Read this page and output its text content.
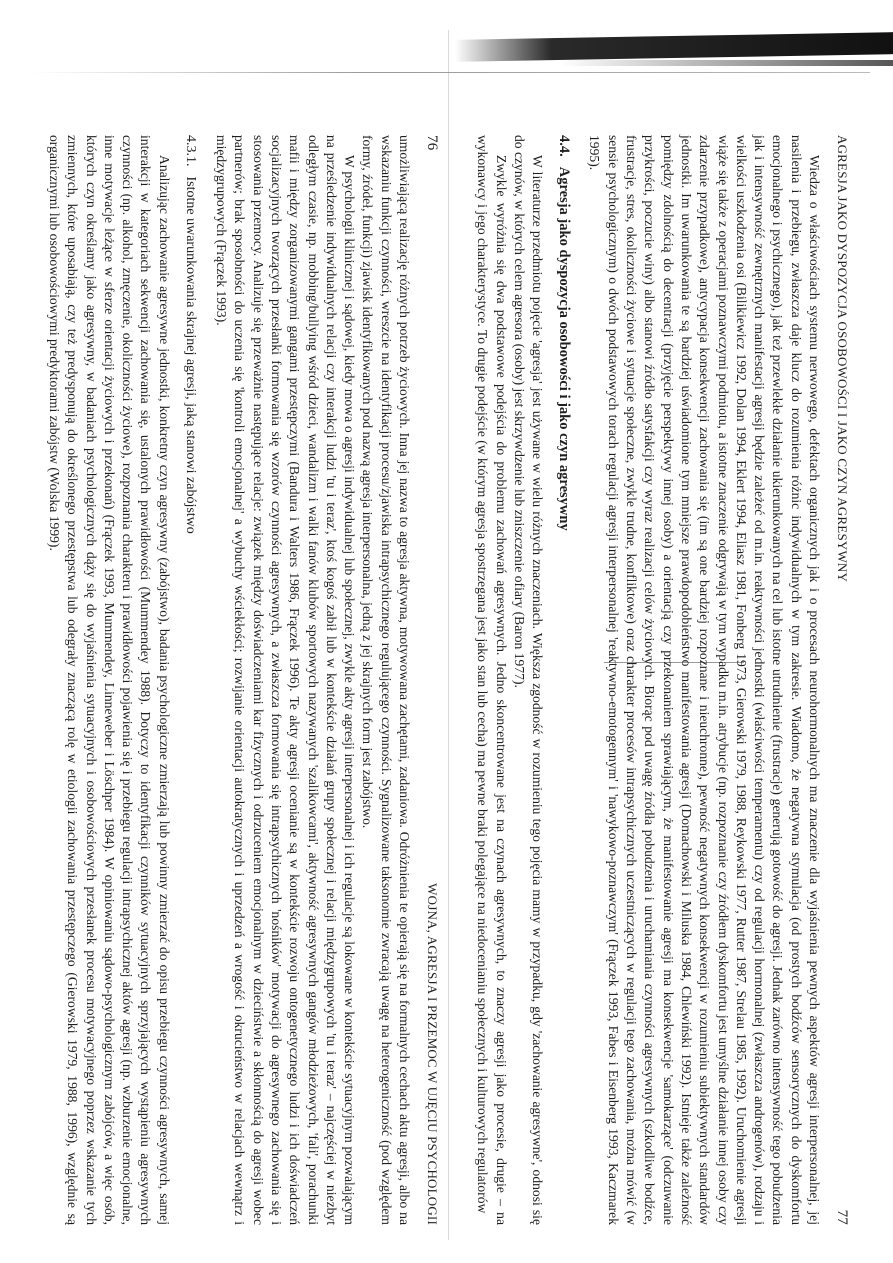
76
WOJNA, AGRESJA I PRZEMOC W UJĘCIU PSYCHOLOGII

umożliwiającą realizację różnych potrzeb życiowych. Inna jej nazwa to agresja aktywna, motywowana zachętami, zadaniowa. Odróżnienia te opierają się na formalnych cechach aktu agresji, albo na wskazaniu funkcji czynności, wreszcie na identyfikacji procesu/zjawiska intrapsychicznego regulującego czynności. Sygnalizowane taksonomie zwracają uwagę na heterogeniczność (pod względem formy, źródeł, funkcji) zjawisk identyfikowanych pod nazwą agresja interpersonalna, jedną z jej skrajnych form jest zabójstwo.

W psychologii klinicznej i sądowej, kiedy mowa o agresji indywidualnej lub społecznej, zwykle akty agresji interpersonalnej i ich regulacje są lokowane w kontekście sytuacyjnym pozwalającym na prześledzenie indywidualnych relacji czy interakcji ludzi 'tu i teraz', ktoś kogoś zabił lub w kontekście działań grupy społecznej i relacji międzygrupowych 'tu i teraz' – najczęściej w niezbyt odległym czasie, np. mobbing/bullying wśród dzieci, wandalizm i walki fanów klubów sportowych nazywanych 'szalikowcami', aktywność agresywnych gangów młodzieżowych, 'fali', porachunki mafii i między zorganizowanymi gangami przestępczymi (Bandura i Walters 1986, Frączek 1996). Te akty agresji ocenianie są w kontekście rozwoju ontogenetycznego ludzi i ich doświadczeń socjalizacyjnych tworzących przesłanki formowania się wzorów czynności agresywnych, a zwłaszcza formowania się intrapsychicznych 'nośników' motywacji do agresywnego zachowania się i stosowania przemocy. Analizuje się przeważnie następujące relacje: związek między doświadczeniami kar fizycznych i odrzuceniem emocjonalnym w dzieciństwie a skłonnością do agresji wobec partnerów; brak sposobności do uczenia się 'kontroli emocjonalnej' a wybuchy wściekłości; rozwijanie orientacji autokratycznych i uprzedzeń a wrogość i okrucieństwo w relacjach wewnątrz i międzygrupowych (Frączek 1993).

4.3.1.Istotne uwarunkowania skrajnej agresji, jaką stanowi zabójstwo

Analizując zachowanie agresywne jednostki, konkretny czyn agresywny (zabójstwo), badania psychologiczne zmierzają lub powinny zmierzać do opisu przebiegu czynności agresywnych, samej interakcji w kategoriach sekwencji zachowania się, ustalonych prawidłowości (Mummendey 1988). Dotyczy to identyfikacji czynników sytuacyjnych sprzyjających wystąpieniu agresywnych czynności (np. alkohol, zmęczenie, okoliczności życiowe), rozpoznania charakteru i prawidłowości pojawienia się i przebiegu regulacji intrapsychicznej aktów agresji (np. wzburzenie emocjonalne, inne motywacje leżące w sferze orientacji życiowych i przekonań) (Frączek 1993, Mummendey, Linneweber i Löschper 1984). W opiniowaniu sądowo-psychologicznym zabójców, a więc osób, których czyn określamy jako agresywny, w badaniach psychologicznych dąży się do wyjaśnienia sytuacyjnych i osobowościowych przesłanek procesu motywacyjnego poprzez wskazanie tych zmiennych, które uposabiają, czy też predysponują do określonego przestępstwa lub odegrały znaczącą rolę w etiologii zachowania przestępczego (Gierowski 1979, 1988, 1996), względnie są organicznymi lub osobowościowymi predyktorami zabójstw (Wolska 1999).

77
AGRESJA JAKO DYSPOZYCJA OSOBOWOŚCI I JAKO CZYN AGRESYWNY

Wiedza o właściwościach systemu nerwowego, defektach organicznych jak i o procesach neurohormonalnych ma znaczenie dla wyjaśnienia pewnych aspektów agresji interpersonalnej, jej nasilenia i przebiegu, zwłaszcza daje klucz do rozumienia różnic indywidualnych w tym zakresie. Wiadomo, że negatywna stymulacja (od prostych bodźców sensorycznych do dyskomfortu emocjonalnego i psychicznego), jak też przewlekłe działanie ukierunkowanych na cel lub istotne utrudnienie (frustracje) generują gotowość do agresji. Jednak zarówno intensywność tego pobudzenia jak i intensywność zewnętrznych manifestacji agresji będzie zależeć od m.in. reaktywności jednostki (właściwości temperamentu) czy od regulacji hormonalnej (zwłaszcza androgenów), rodzaju i wielkości uszkodzenia osi (Bilikiewicz 1992, Dolan 1994, Eklert 1994, Eliasz 1981, Fonberg 1973, Gierowski 1979, 1988, Reykowski 1977, Rutter 1987, Strelau 1985, 1992). Uruchomienie agresji wiąże się także z operacjami poznawczymi podmiotu, a istotne znaczenie odgrywają w tym wypadku m.in. atrybucje (np. rozpoznanie czy źródłem dyskomfortu jest umyślne działanie innej osoby czy zdarzenie przypadkowe), antycypacja konsekwencji zachowania się (im są one bardziej rozpoznane i nieuchronne), pewność negatywnych konsekwencji w rozumieniu subiektywnych standardów jednostki. Im uwarunkowania te są bardziej uświadomione tym mniejsze prawdopodobieństwo manifestowania agresji (Domachowski i Miluska 1984, Chlewiński 1992). Istnieje także zależność pomiędzy zdolnością do decentracji (przyjęcie perspektywy innej osoby) a orientacją czy przekonaniem sprawiającym, że manifestowanie agresji ma konsekwencje 'samokarzące' (odczuwanie przykrości, poczucie winy) albo stanowi źródło satysfakcji czy wyraz realizacji celów życiowych. Biorąc pod uwagę źródła pobudzenia i uruchamiania czynności agresywnych (szkodliwe bodźce, frustracje, stres, okoliczności życiowe i sytuacje społeczne, zwykle trudne, konfliktowe) oraz charakter procesów intrapsychicznych uczestniczących w regulacji tego zachowania, można mówić (w sensie psychologicznym) o dwóch podstawowych torach regulacji agresji interpersonalnej 'reaktywno-emotogennym' i 'nawykowo-poznawczym' (Frączek 1993, Fabes i Eisenberg 1993, Kaczmarek 1995).

4.4.Agresja jako dyspozycja osobowości i jako czyn agresywny

W literaturze przedmiotu pojęcie 'agresja' jest używane w wielu różnych znaczeniach. Większa zgodność w rozumieniu tego pojęcia mamy w przypadku, gdy 'zachowanie agresywne', odnosi się do czynów, w których celem agresora (osoby) jest skrzywdzenie lub zniszczenie ofiary (Baron 1977).

Zwykle wyróżnia się dwa podstawowe podejścia do problemu zachowań agresywnych. Jedno skoncentrowane jest na czynach agresywnych, to znaczy agresji jako procesie, drugie – na wykonawcy i jego charakterystyce. To drugie podejście (w którym agresja spostrzegana jest jako stan lub cecha) ma pewne braki polegające na niedocenianiu społecznych i kulturowych regulatorów
